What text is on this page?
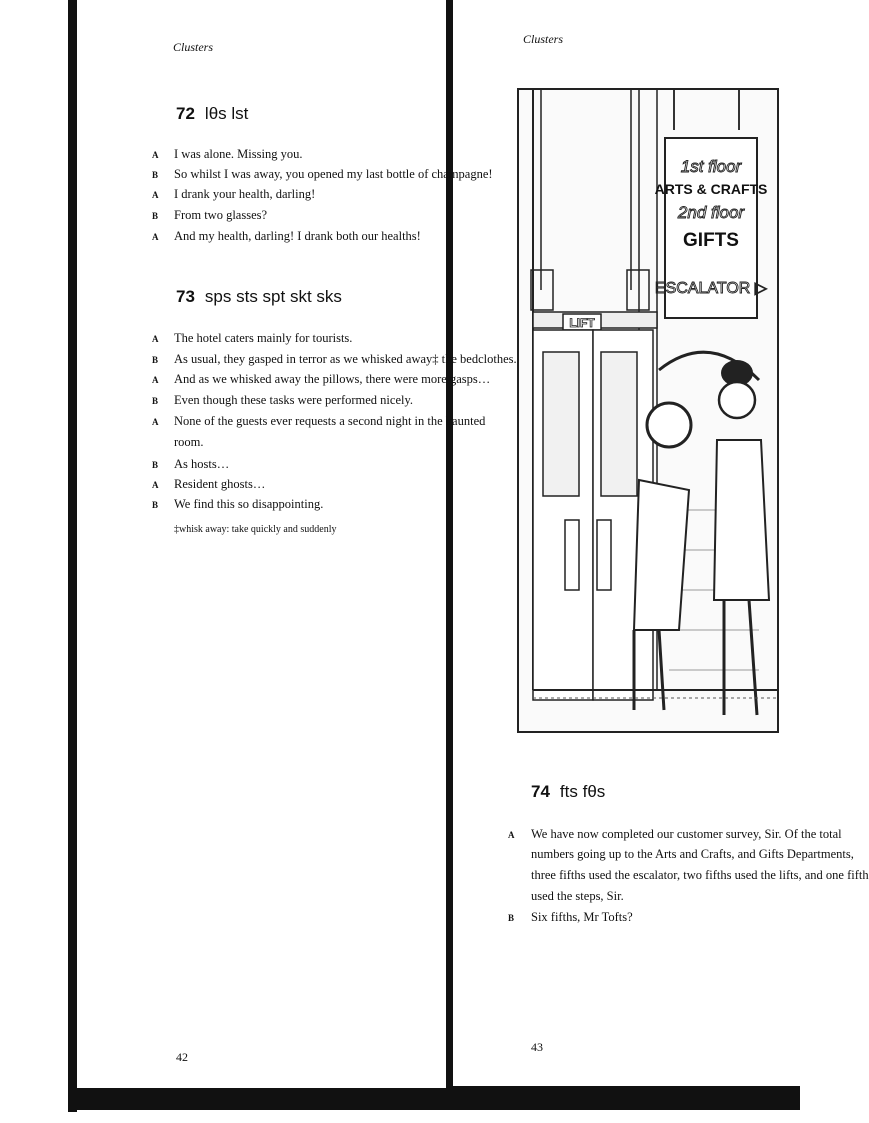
Clusters
72 lθs lst
A I was alone. Missing you.
B So whilst I was away, you opened my last bottle of champagne!
A I drank your health, darling!
B From two glasses?
A And my health, darling! I drank both our healths!
73 sps sts spt skt sks
A The hotel caters mainly for tourists.
B As usual, they gasped in terror as we whisked away‡ the bedclothes.
A And as we whisked away the pillows, there were more gasps…
B Even though these tasks were performed nicely.
A None of the guests ever requests a second night in the haunted
room.
B As hosts…
A Resident ghosts…
B We find this so disappointing.
‡whisk away: take quickly and suddenly
42
Clusters
1st floor
ARTS & CRAFTS
2nd floor
GIFTS
ESCALATOR ▷
LIFT
74 fts fθs
A We have now completed our customer survey, Sir. Of the total
numbers going up to the Arts and Crafts, and Gifts Departments,
three fifths used the escalator, two fifths used the lifts, and one fifth
used the steps, Sir.
B Six fifths, Mr Tofts?
43
